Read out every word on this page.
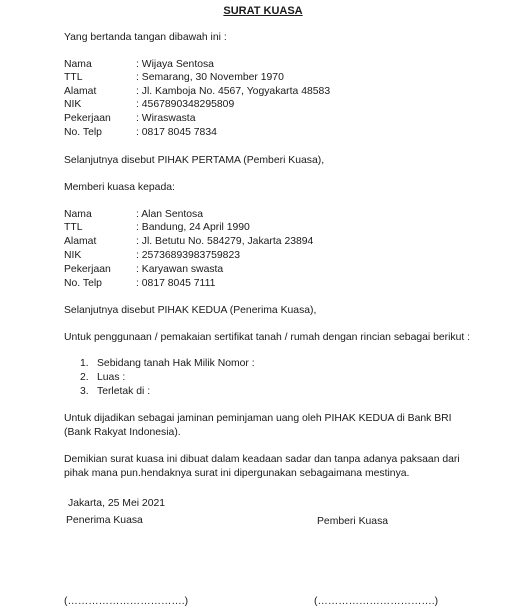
SURAT KUASA
Yang bertanda tangan dibawah ini :
Nama	: Wijaya Sentosa
TTL	: Semarang, 30 November 1970
Alamat	: Jl. Kamboja No. 4567, Yogyakarta 48583
NIK	: 4567890348295809
Pekerjaan : Wiraswasta
No. Telp	: 0817 8045 7834
Selanjutnya disebut PIHAK PERTAMA (Pemberi Kuasa),
Memberi kuasa kepada:
Nama	: Alan Sentosa
TTL	: Bandung, 24 April 1990
Alamat	: Jl. Betutu No. 584279, Jakarta 23894
NIK	: 25736893983759823
Pekerjaan : Karyawan swasta
No. Telp	: 0817 8045 7111
Selanjutnya disebut PIHAK KEDUA (Penerima Kuasa),
Untuk penggunaan / pemakaian sertifikat tanah / rumah dengan rincian sebagai berikut :
1. Sebidang tanah Hak Milik Nomor :
2. Luas :
3. Terletak di :
Untuk dijadikan sebagai jaminan peminjaman uang oleh PIHAK KEDUA di Bank BRI
(Bank Rakyat Indonesia).
Demikian surat kuasa ini dibuat dalam keadaan sadar dan tanpa adanya paksaan dari
pihak mana pun.hendaknya surat ini dipergunakan sebagaimana mestinya.
Jakarta, 25 Mei 2021
Penerima Kuasa	Pemberi Kuasa
(…………………………….)	(…………………………….)
